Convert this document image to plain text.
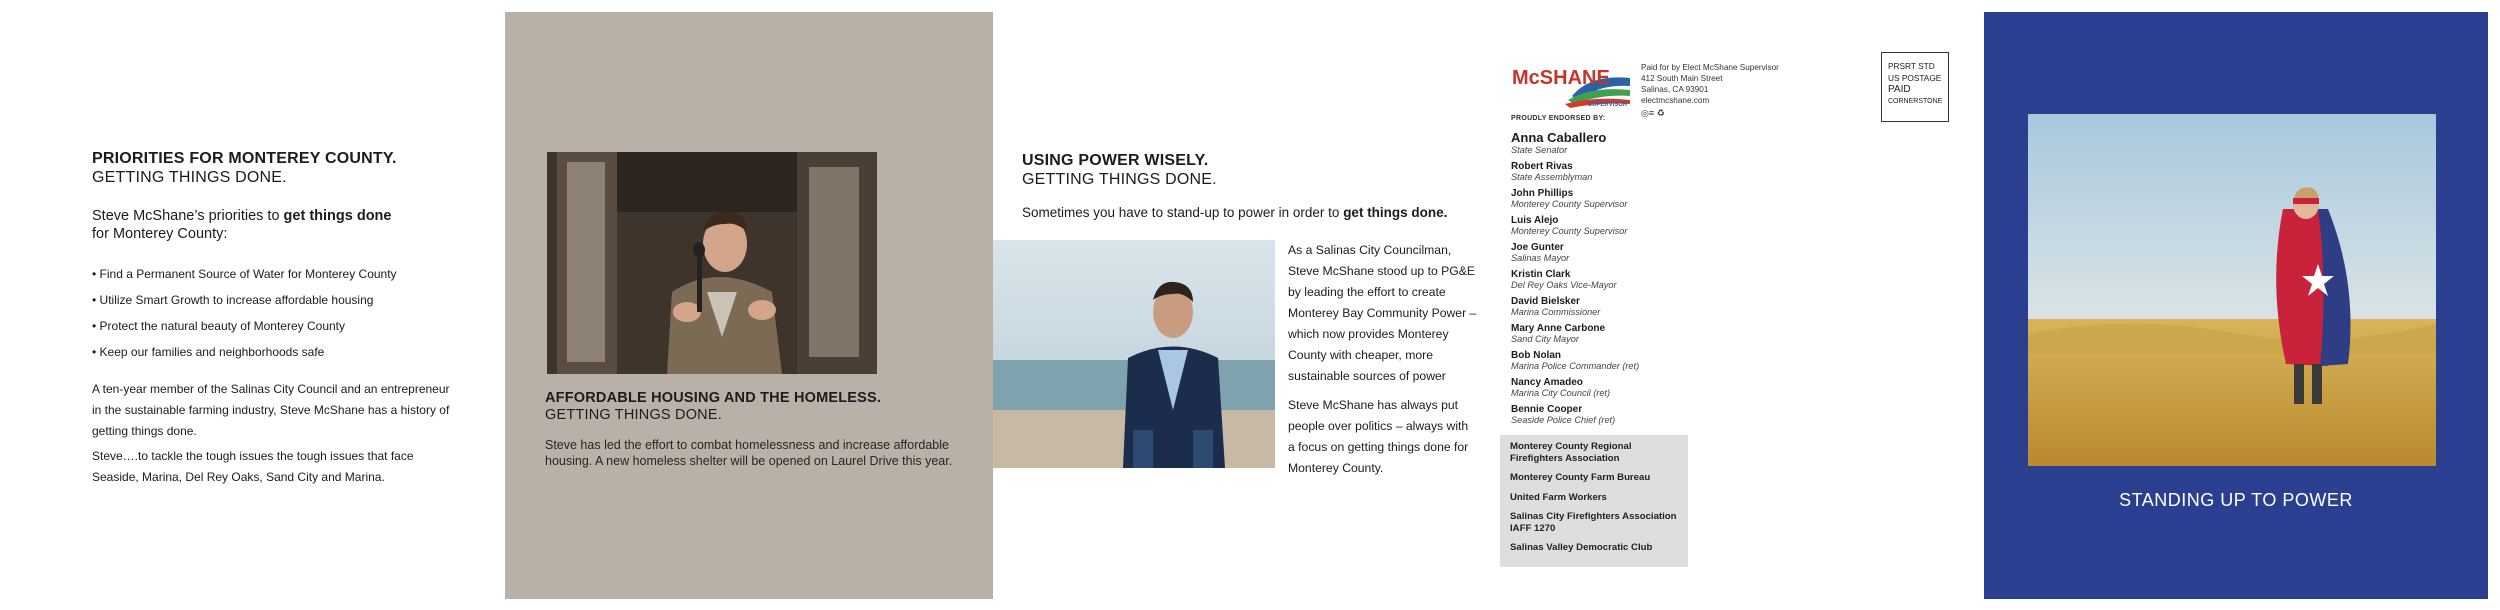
PRIORITIES FOR MONTEREY COUNTY.
GETTING THINGS DONE.
Steve McShane’s priorities to get things done
for Monterey County:
• Find a Permanent Source of Water for Monterey County
• Utilize Smart Growth to increase affordable housing
• Protect the natural beauty of Monterey County
• Keep our families and neighborhoods safe
A ten-year member of the Salinas City Council and an entrepreneur in the sustainable farming industry, Steve McShane has a history of getting things done.
Steve….to tackle the tough issues the tough issues that face Seaside, Marina, Del Rey Oaks, Sand City and Marina.
AFFORDABLE HOUSING AND THE HOMELESS.
GETTING THINGS DONE.
Steve has led the effort to combat homelessness and increase affordable housing. A new homeless shelter will be opened on Laurel Drive this year.
USING POWER WISELY.
GETTING THINGS DONE.
Sometimes you have to stand-up to power in order to get things done.
As a Salinas City Councilman, Steve McShane stood up to PG&E by leading the effort to create Monterey Bay Community Power – which now provides Monterey County with cheaper, more sustainable sources of power
Steve McShane has always put people over politics – always with a focus on getting things done for Monterey County.
McSHANE
SUPERVISOR
Paid for by Elect McShane Supervisor
412 South Main Street
Salinas, CA 93901
electmcshane.com
◎≡ ♻
PRSRT STD
US POSTAGE
PAID
CORNERSTONE
PROUDLY ENDORSED BY:
Anna Caballero
State Senator
Robert Rivas
State Assemblyman
John Phillips
Monterey County Supervisor
Luis Alejo
Monterey County Supervisor
Joe Gunter
Salinas Mayor
Kristin Clark
Del Rey Oaks Vice-Mayor
David Bielsker
Marina Commissioner
Mary Anne Carbone
Sand City Mayor
Bob Nolan
Marina Police Commander (ret)
Nancy Amadeo
Marina City Council (ret)
Bennie Cooper
Seaside Police Chief (ret)
Monterey County Regional Firefighters Association
Monterey County Farm Bureau
United Farm Workers
Salinas City Firefighters Association IAFF 1270
Salinas Valley Democratic Club
STANDING UP TO POWER
